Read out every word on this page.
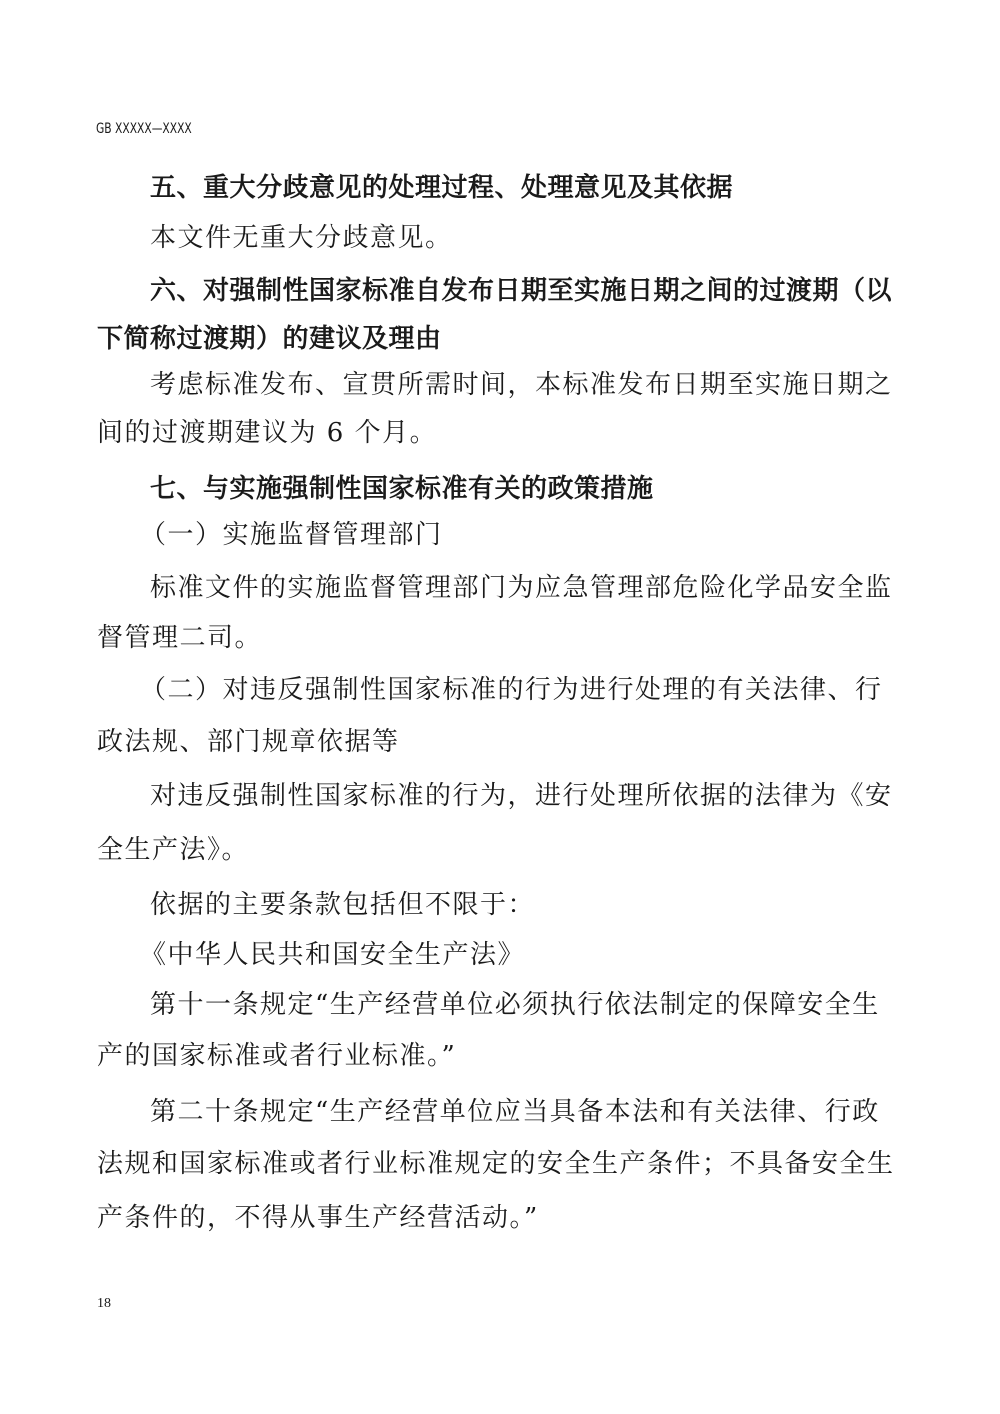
GB XXXXX—XXXX
五、重大分歧意见的处理过程、处理意见及其依据
本文件无重大分歧意见。
六、对强制性国家标准自发布日期至实施日期之间的过渡期（以
下简称过渡期）的建议及理由
考虑标准发布、宣贯所需时间，本标准发布日期至实施日期之
间的过渡期建议为 6 个月。
七、与实施强制性国家标准有关的政策措施
（一）实施监督管理部门
标准文件的实施监督管理部门为应急管理部危险化学品安全监
督管理二司。
（二）对违反强制性国家标准的行为进行处理的有关法律、行
政法规、部门规章依据等
对违反强制性国家标准的行为，进行处理所依据的法律为《安
全生产法》。
依据的主要条款包括但不限于：
《中华人民共和国安全生产法》
第十一条规定“生产经营单位必须执行依法制定的保障安全生
产的国家标准或者行业标准。”
第二十条规定“生产经营单位应当具备本法和有关法律、行政
法规和国家标准或者行业标准规定的安全生产条件；不具备安全生
产条件的，不得从事生产经营活动。”
18
